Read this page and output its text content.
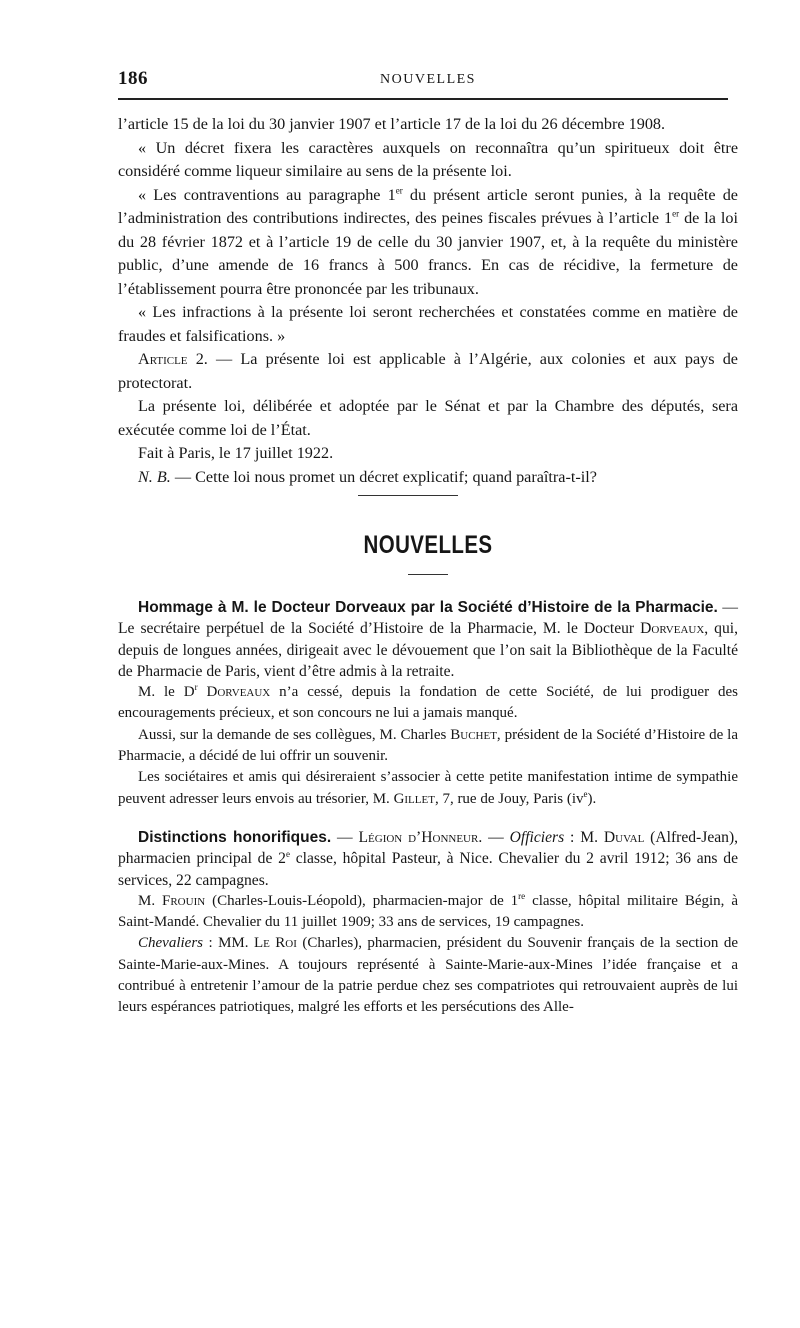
186	NOUVELLES

l’article 15 de la loi du 30 janvier 1907 et l’article 17 de la loi du 26 décembre 1908.

« Un décret fixera les caractères auxquels on reconnaîtra qu’un spiritueux doit être considéré comme liqueur similaire au sens de la présente loi.

« Les contraventions au paragraphe 1er du présent article seront punies, à la requête de l’administration des contributions indirectes, des peines fiscales prévues à l’article 1er de la loi du 28 février 1872 et à l’article 19 de celle du 30 janvier 1907, et, à la requête du ministère public, d’une amende de 16 francs à 500 francs. En cas de récidive, la fermeture de l’établissement pourra être prononcée par les tribunaux.

« Les infractions à la présente loi seront recherchées et constatées comme en matière de fraudes et falsifications. »

Article 2. — La présente loi est applicable à l’Algérie, aux colonies et aux pays de protectorat.

La présente loi, délibérée et adoptée par le Sénat et par la Chambre des députés, sera exécutée comme loi de l’État.

Fait à Paris, le 17 juillet 1922.

N. B. — Cette loi nous promet un décret explicatif; quand paraîtra-t-il?

NOUVELLES

Hommage à M. le Docteur Dorveaux par la Société d’Histoire de la Pharmacie. — Le secrétaire perpétuel de la Société d’Histoire de la Pharmacie, M. le Docteur Dorveaux, qui, depuis de longues années, dirigeait avec le dévouement que l’on sait la Bibliothèque de la Faculté de Pharmacie de Paris, vient d’être admis à la retraite.

M. le $D^r$ Dorveaux n’a cessé, depuis la fondation de cette Société, de lui prodiguer des encouragements précieux, et son concours ne lui a jamais manqué.

Aussi, sur la demande de ses collègues, M. Charles Buchet, président de la Société d’Histoire de la Pharmacie, a décidé de lui offrir un souvenir.

Les sociétaires et amis qui désireraient s’associer à cette petite manifestation intime de sympathie peuvent adresser leurs envois au trésorier, M. Gillet, 7, rue de Jouy, Paris $(iv^e)$.

Distinctions honorifiques. — Légion d’Honneur. — Officiers : M. Duval (Alfred-Jean), pharmacien principal de 2e classe, hôpital Pasteur, à Nice. Chevalier du 2 avril 1912; 36 ans de services, 22 campagnes.

M. Frouin (Charles-Louis-Léopold), pharmacien-major de 1re classe, hôpital militaire Bégin, à Saint-Mandé. Chevalier du 11 juillet 1909; 33 ans de services, 19 campagnes.

Chevaliers : MM. Le Roi (Charles), pharmacien, président du Souvenir français de la section de Sainte-Marie-aux-Mines. A toujours représenté à Sainte-Marie-aux-Mines l’idée française et a contribué à entretenir l’amour de la patrie perdue chez ses compatriotes qui retrouvaient auprès de lui leurs espérances patriotiques, malgré les efforts et les persécutions des Alle-
